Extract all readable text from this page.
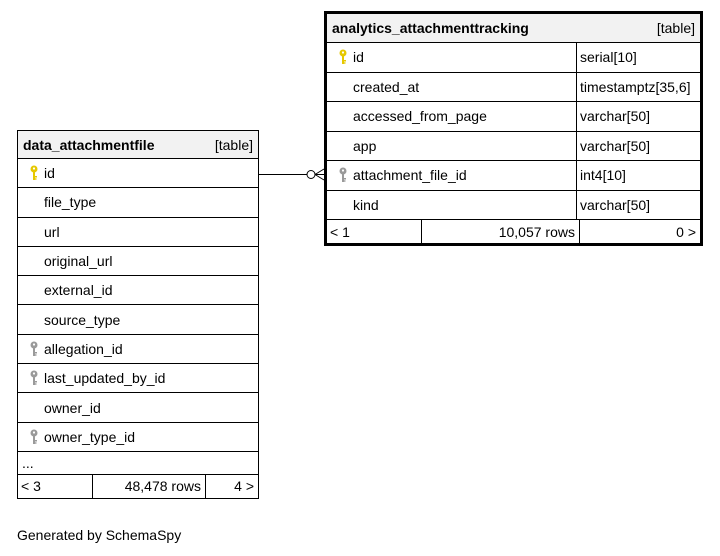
data_attachmentfile	[table]
id
file_type
url
original_url
external_id
source_type
allegation_id
last_updated_by_id
owner_id
owner_type_id
...
< 3	48,478 rows	4 >
analytics_attachmenttracking	[table]
id	serial[10]
created_at	timestamptz[35,6]
accessed_from_page	varchar[50]
app	varchar[50]
attachment_file_id	int4[10]
kind	varchar[50]
< 1	10,057 rows	0 >
Generated by SchemaSpy
